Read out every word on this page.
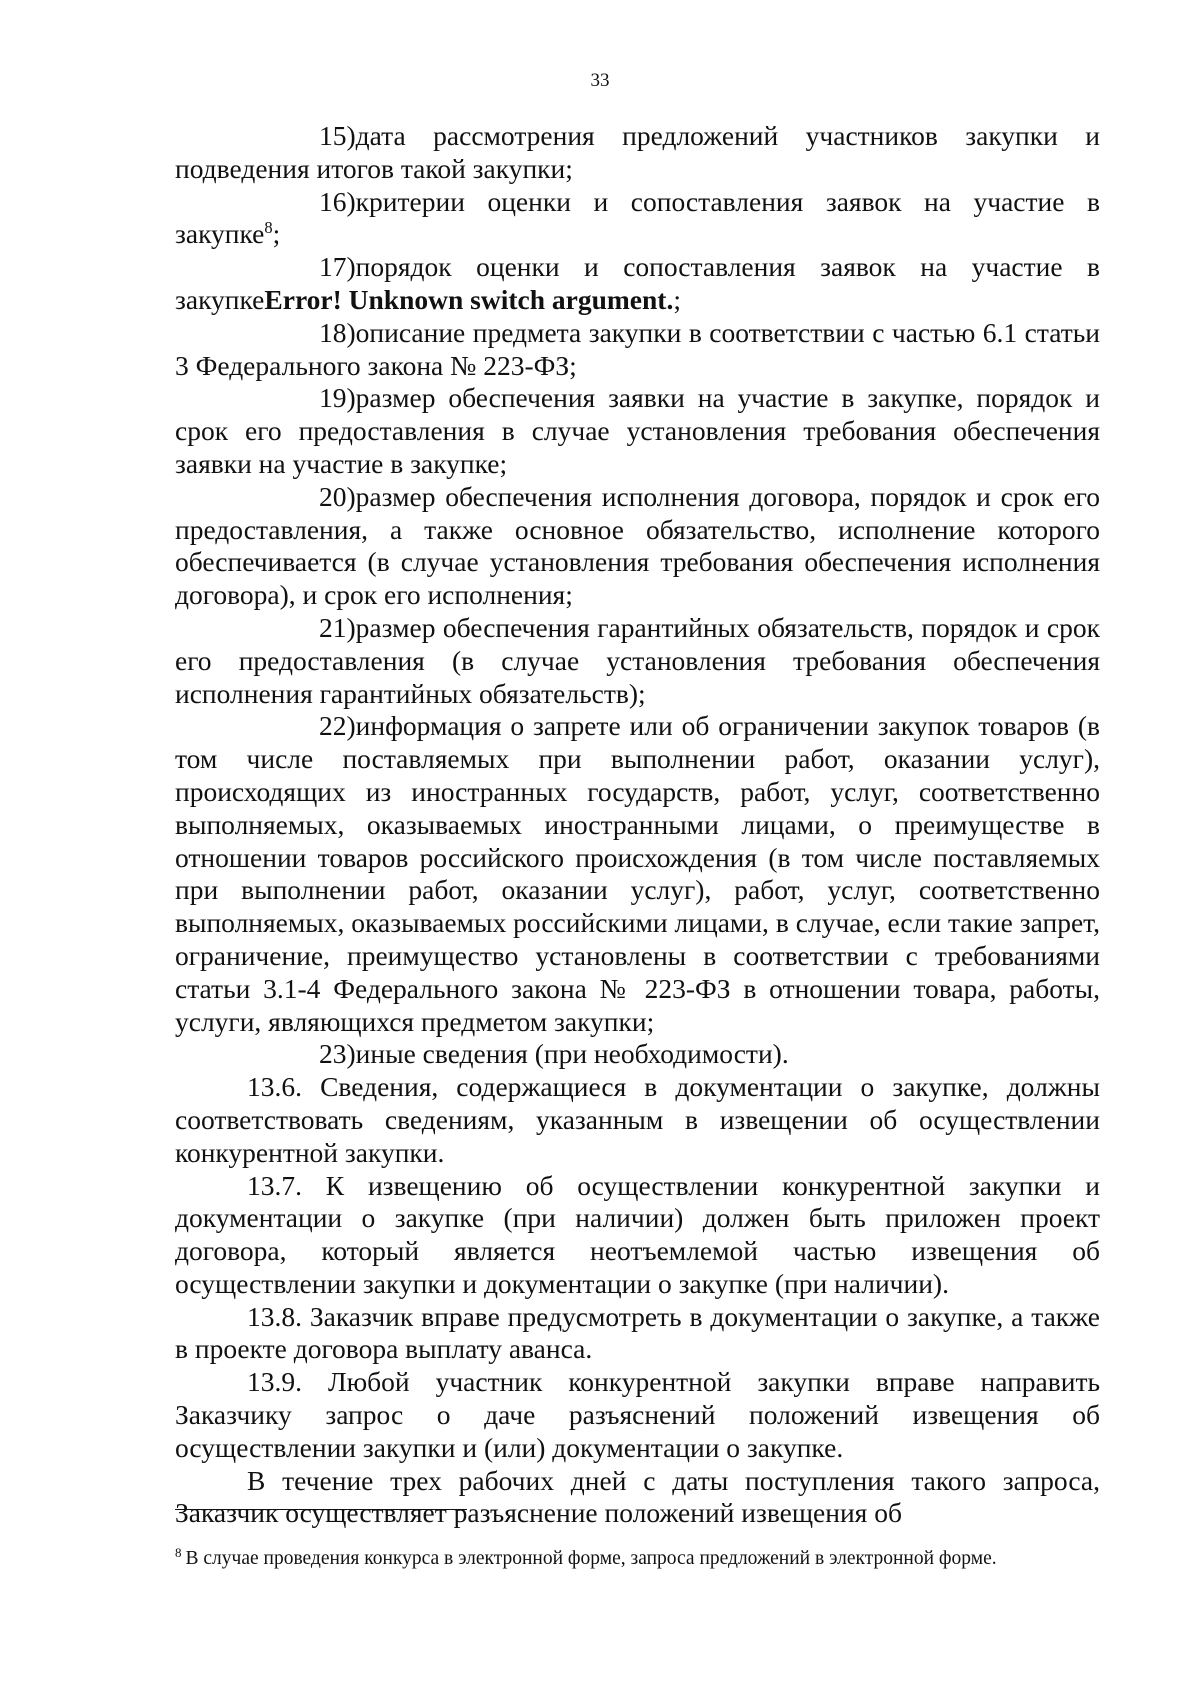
33

15)дата рассмотрения предложений участников закупки и подведения итогов такой закупки;

16)критерии оценки и сопоставления заявок на участие в закупке$^8$;

17)порядок оценки и сопоставления заявок на участие в закупкеError! Unknown switch argument.;

18)описание предмета закупки в соответствии с частью 6.1 статьи 3 Федерального закона № 223-ФЗ;

19)размер обеспечения заявки на участие в закупке, порядок и срок его предоставления в случае установления требования обеспечения заявки на участие в закупке;

20)размер обеспечения исполнения договора, порядок и срок его предоставления, а также основное обязательство, исполнение которого обеспечивается (в случае установления требования обеспечения исполнения договора), и срок его исполнения;

21)размер обеспечения гарантийных обязательств, порядок и срок его предоставления (в случае установления требования обеспечения исполнения гарантийных обязательств);

22)информация о запрете или об ограничении закупок товаров (в том числе поставляемых при выполнении работ, оказании услуг), происходящих из иностранных государств, работ, услуг, соответственно выполняемых, оказываемых иностранными лицами, о преимуществе в отношении товаров российского происхождения (в том числе поставляемых при выполнении работ, оказании услуг), работ, услуг, соответственно выполняемых, оказываемых российскими лицами, в случае, если такие запрет, ограничение, преимущество установлены в соответствии с требованиями статьи 3.1-4 Федерального закона № 223-ФЗ в отношении товара, работы, услуги, являющихся предметом закупки;

23)иные сведения (при необходимости).

13.6. Сведения, содержащиеся в документации о закупке, должны соответствовать сведениям, указанным в извещении об осуществлении конкурентной закупки.

13.7. К извещению об осуществлении конкурентной закупки и документации о закупке (при наличии) должен быть приложен проект договора, который является неотъемлемой частью извещения об осуществлении закупки и документации о закупке (при наличии).

13.8. Заказчик вправе предусмотреть в документации о закупке, а также в проекте договора выплату аванса.

13.9. Любой участник конкурентной закупки вправе направить Заказчику запрос о даче разъяснений положений извещения об осуществлении закупки и (или) документации о закупке.

В течение трех рабочих дней с даты поступления такого запроса, Заказчик осуществляет разъяснение положений извещения об

$^8$ В случае проведения конкурса в электронной форме, запроса предложений в электронной форме.
